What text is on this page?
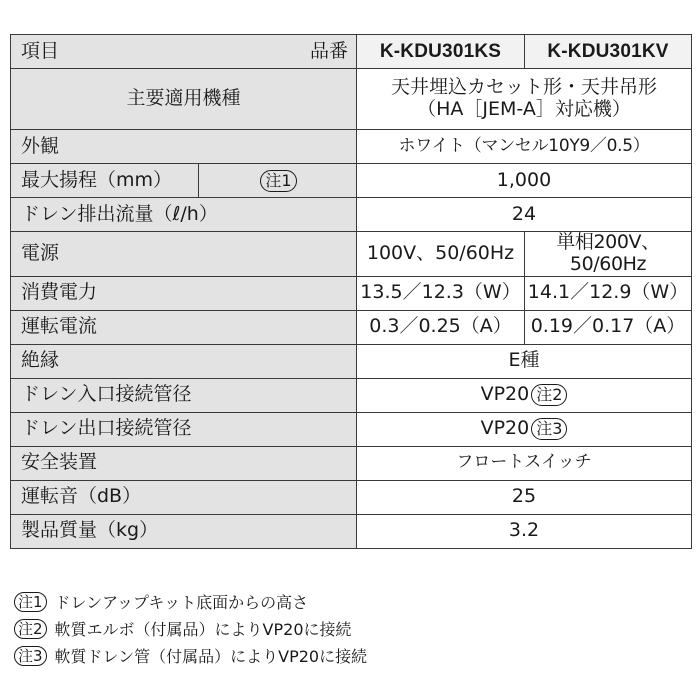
項目 品番		K-KDU301KS	K-KDU301KV
主要適用機種		天井埋込カセット形・天井吊形
（HA［JEM-A］対応機）	

外観		ホワイト（マンセル10Y9／0.5）	
最大揚程（mm）	注1	1,000	
ドレン排出流量（ℓ/h）		24	
電源		100V、50/60Hz	単相200V、50/60Hz
消費電力		13.5／12.3（W）	14.1／12.9（W）
運転電流		0.3／0.25（A）	0.19／0.17（A）
絶縁		E種	
ドレン入口接続管径		VP20 注2	
ドレン出口接続管径		VP20 注3	
安全装置		フロートスイッチ	
運転音（dB）		25	
製品質量（kg）		3.2	
注1 ドレンアップキット底面からの高さ
注2 軟質エルボ（付属品）によりVP20に接続
注3 軟質ドレン管（付属品）によりVP20に接続
